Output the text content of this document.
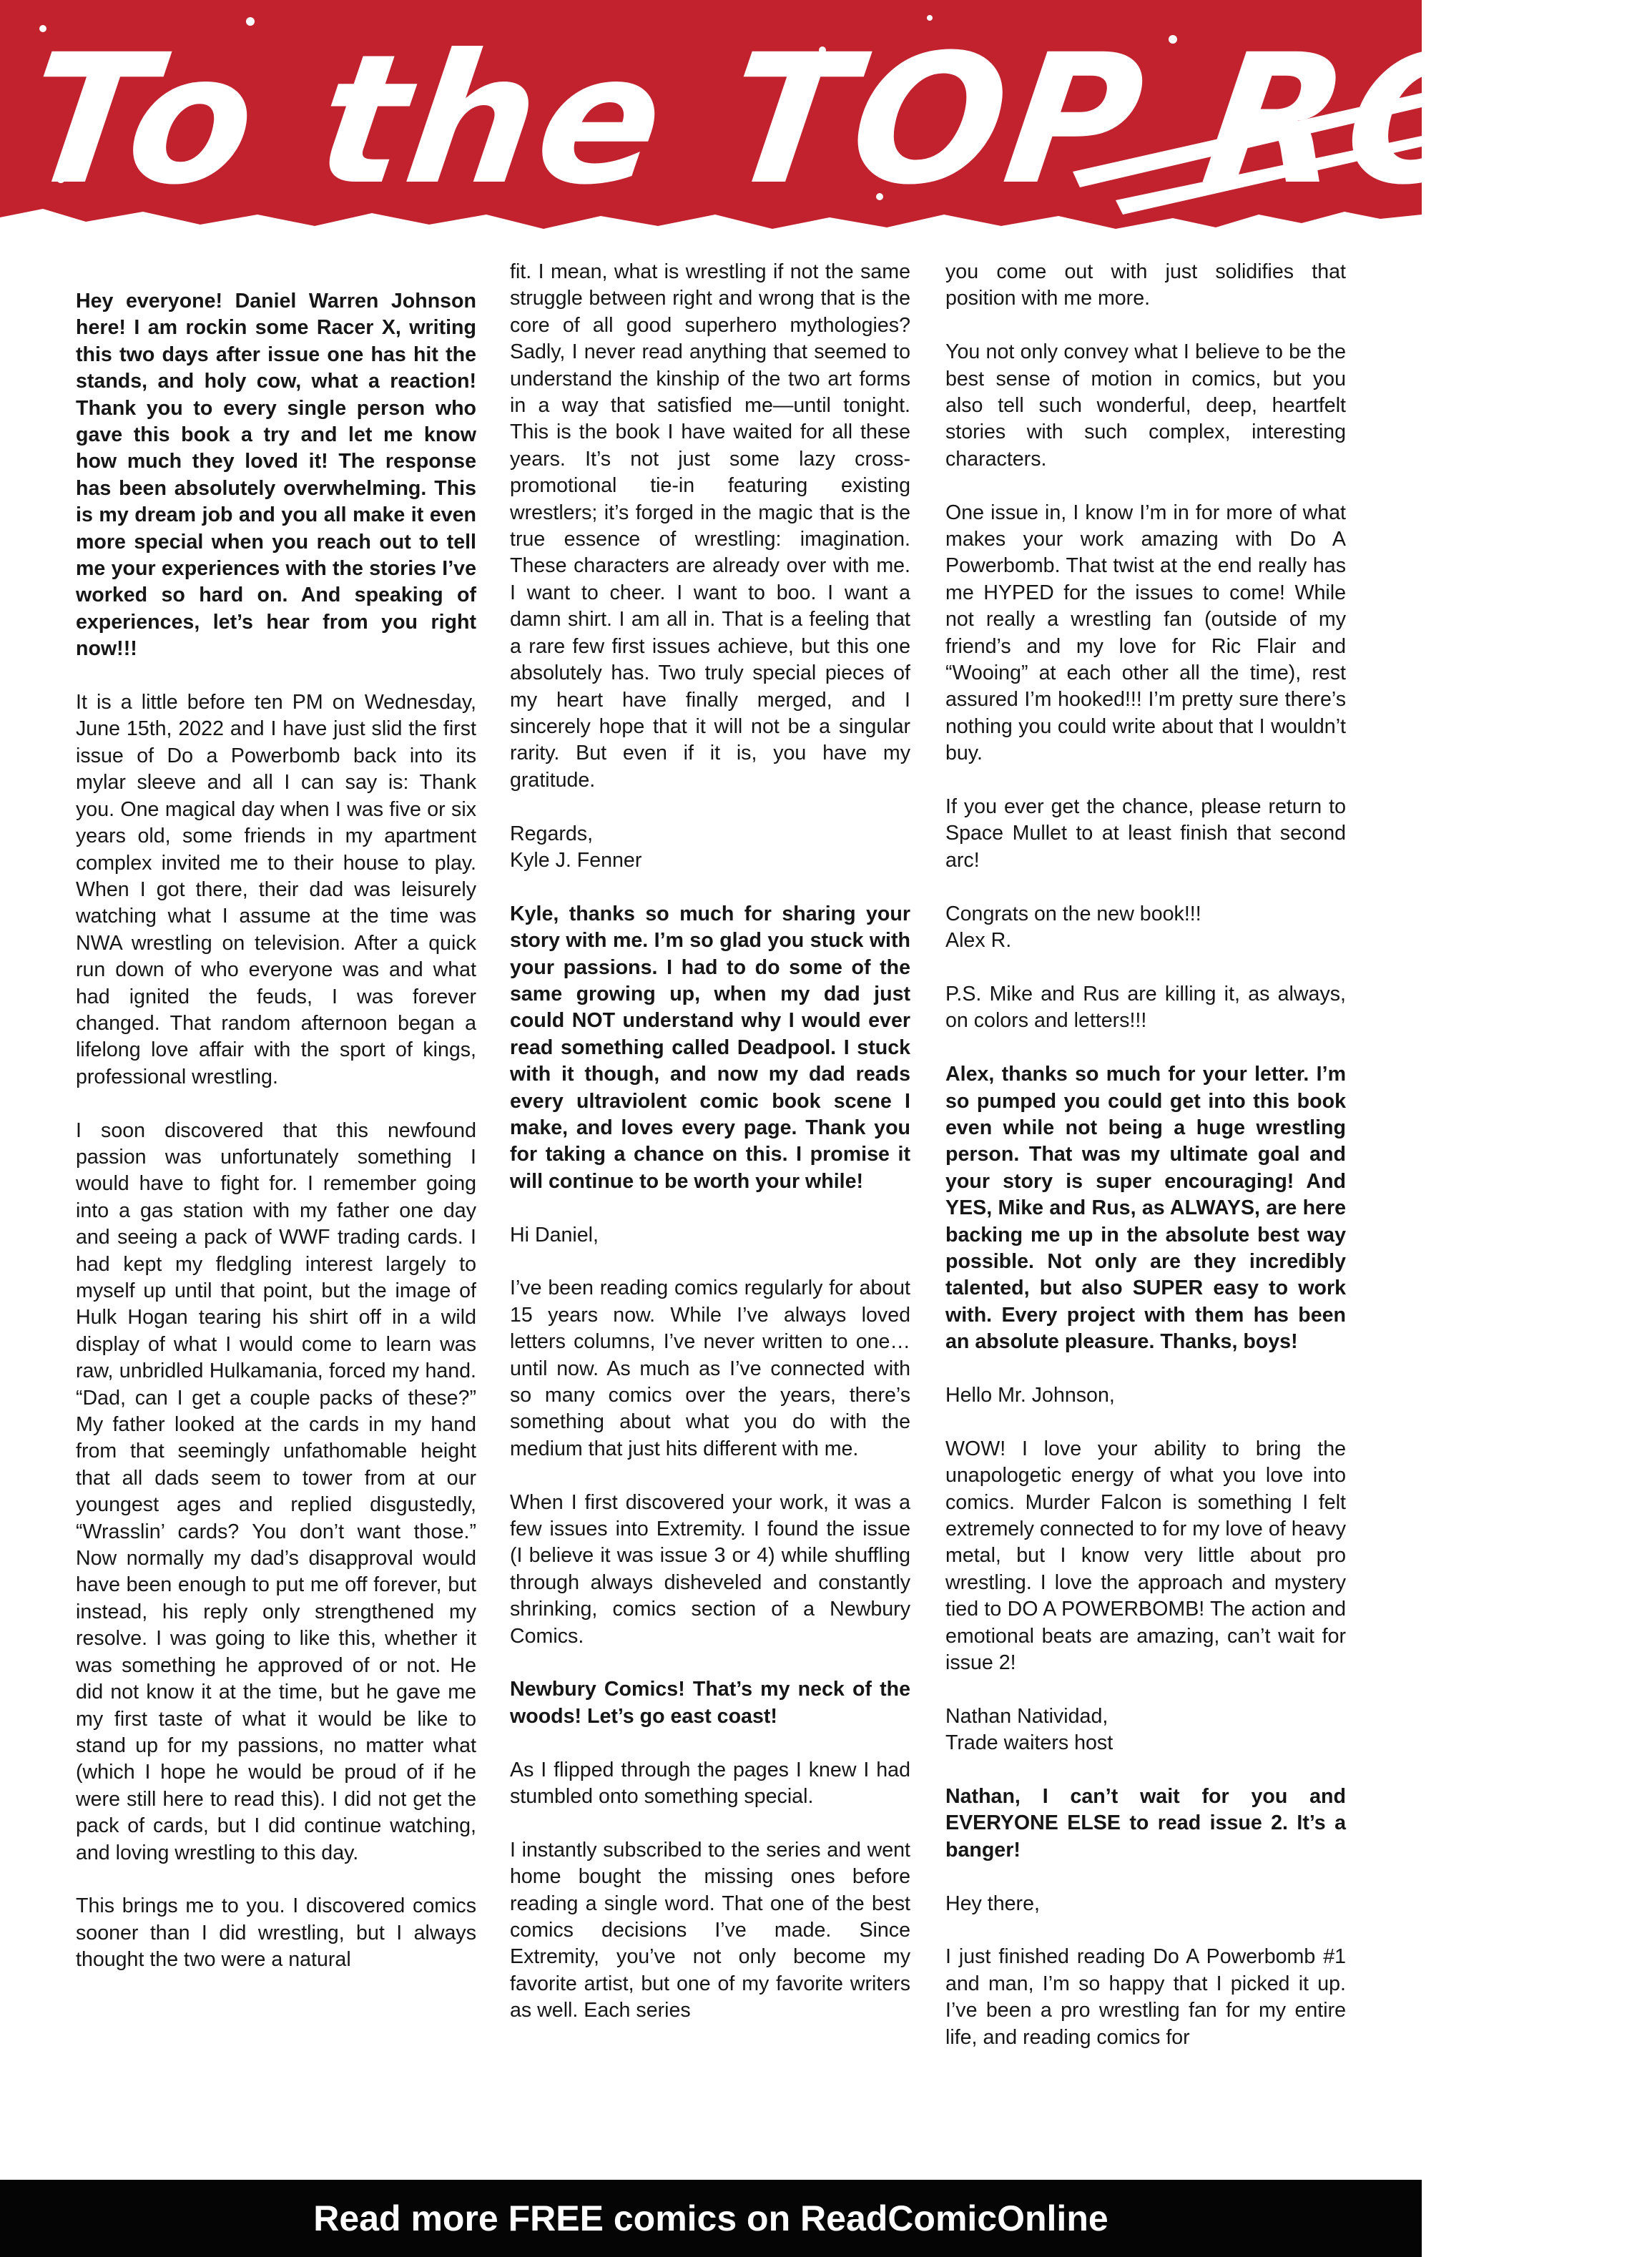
To the TOP ROP

Hey everyone! Daniel Warren Johnson here! I am rockin some Racer X, writing this two days after issue one has hit the stands, and holy cow, what a reaction! Thank you to every single person who gave this book a try and let me know how much they loved it! The response has been absolutely overwhelming. This is my dream job and you all make it even more special when you reach out to tell me your experiences with the stories I’ve worked so hard on. And speaking of experiences, let’s hear from you right now!!!

It is a little before ten PM on Wednesday, June 15th, 2022 and I have just slid the first issue of Do a Powerbomb back into its mylar sleeve and all I can say is: Thank you. One magical day when I was five or six years old, some friends in my apartment complex invited me to their house to play. When I got there, their dad was leisurely watching what I assume at the time was NWA wrestling on television. After a quick run down of who everyone was and what had ignited the feuds, I was forever changed. That random afternoon began a lifelong love affair with the sport of kings, professional wrestling.

I soon discovered that this newfound passion was unfortunately something I would have to fight for. I remember going into a gas station with my father one day and seeing a pack of WWF trading cards. I had kept my fledgling interest largely to myself up until that point, but the image of Hulk Hogan tearing his shirt off in a wild display of what I would come to learn was raw, unbridled Hulkamania, forced my hand. “Dad, can I get a couple packs of these?” My father looked at the cards in my hand from that seemingly unfathomable height that all dads seem to tower from at our youngest ages and replied disgustedly, “Wrasslin’ cards? You don’t want those.” Now normally my dad’s disapproval would have been enough to put me off forever, but instead, his reply only strengthened my resolve. I was going to like this, whether it was something he approved of or not. He did not know it at the time, but he gave me my first taste of what it would be like to stand up for my passions, no matter what (which I hope he would be proud of if he were still here to read this). I did not get the pack of cards, but I did continue watching, and loving wrestling to this day.

This brings me to you. I discovered comics sooner than I did wrestling, but I always thought the two were a natural

fit. I mean, what is wrestling if not the same struggle between right and wrong that is the core of all good superhero mythologies? Sadly, I never read anything that seemed to understand the kinship of the two art forms in a way that satisfied me—until tonight. This is the book I have waited for all these years. It’s not just some lazy cross-promotional tie-in featuring existing wrestlers; it’s forged in the magic that is the true essence of wrestling: imagination. These characters are already over with me. I want to cheer. I want to boo. I want a damn shirt. I am all in. That is a feeling that a rare few first issues achieve, but this one absolutely has. Two truly special pieces of my heart have finally merged, and I sincerely hope that it will not be a singular rarity. But even if it is, you have my gratitude.

Regards,

Kyle J. Fenner

Kyle, thanks so much for sharing your story with me. I’m so glad you stuck with your passions. I had to do some of the same growing up, when my dad just could NOT understand why I would ever read something called Deadpool. I stuck with it though, and now my dad reads every ultraviolent comic book scene I make, and loves every page. Thank you for taking a chance on this. I promise it will continue to be worth your while!

Hi Daniel,

I’ve been reading comics regularly for about 15 years now. While I’ve always loved letters columns, I’ve never written to one… until now. As much as I’ve connected with so many comics over the years, there’s something about what you do with the medium that just hits different with me.

When I first discovered your work, it was a few issues into Extremity. I found the issue (I believe it was issue 3 or 4) while shuffling through always disheveled and constantly shrinking, comics section of a Newbury Comics.

Newbury Comics! That’s my neck of the woods! Let’s go east coast!

As I flipped through the pages I knew I had stumbled onto something special.

I instantly subscribed to the series and went home bought the missing ones before reading a single word. That one of the best comics decisions I’ve made. Since Extremity, you’ve not only become my favorite artist, but one of my favorite writers as well. Each series

you come out with just solidifies that position with me more.

You not only convey what I believe to be the best sense of motion in comics, but you also tell such wonderful, deep, heartfelt stories with such complex, interesting characters.

One issue in, I know I’m in for more of what makes your work amazing with Do A Powerbomb. That twist at the end really has me HYPED for the issues to come! While not really a wrestling fan (outside of my friend’s and my love for Ric Flair and “Wooing” at each other all the time), rest assured I’m hooked!!! I’m pretty sure there’s nothing you could write about that I wouldn’t buy.

If you ever get the chance, please return to Space Mullet to at least finish that second arc!

Congrats on the new book!!!

Alex R.

P.S. Mike and Rus are killing it, as always, on colors and letters!!!

Alex, thanks so much for your letter. I’m so pumped you could get into this book even while not being a huge wrestling person. That was my ultimate goal and your story is super encouraging! And YES, Mike and Rus, as ALWAYS, are here backing me up in the absolute best way possible. Not only are they incredibly talented, but also SUPER easy to work with. Every project with them has been an absolute pleasure. Thanks, boys!

Hello Mr. Johnson,

WOW! I love your ability to bring the unapologetic energy of what you love into comics. Murder Falcon is something I felt extremely connected to for my love of heavy metal, but I know very little about pro wrestling. I love the approach and mystery tied to DO A POWERBOMB! The action and emotional beats are amazing, can’t wait for issue 2!

Nathan Natividad,

Trade waiters host

Nathan, I can’t wait for you and EVERYONE ELSE to read issue 2. It’s a banger!

Hey there,

I just finished reading Do A Powerbomb #1 and man, I’m so happy that I picked it up. I’ve been a pro wrestling fan for my entire life, and reading comics for

Read more FREE comics on ReadComicOnline
